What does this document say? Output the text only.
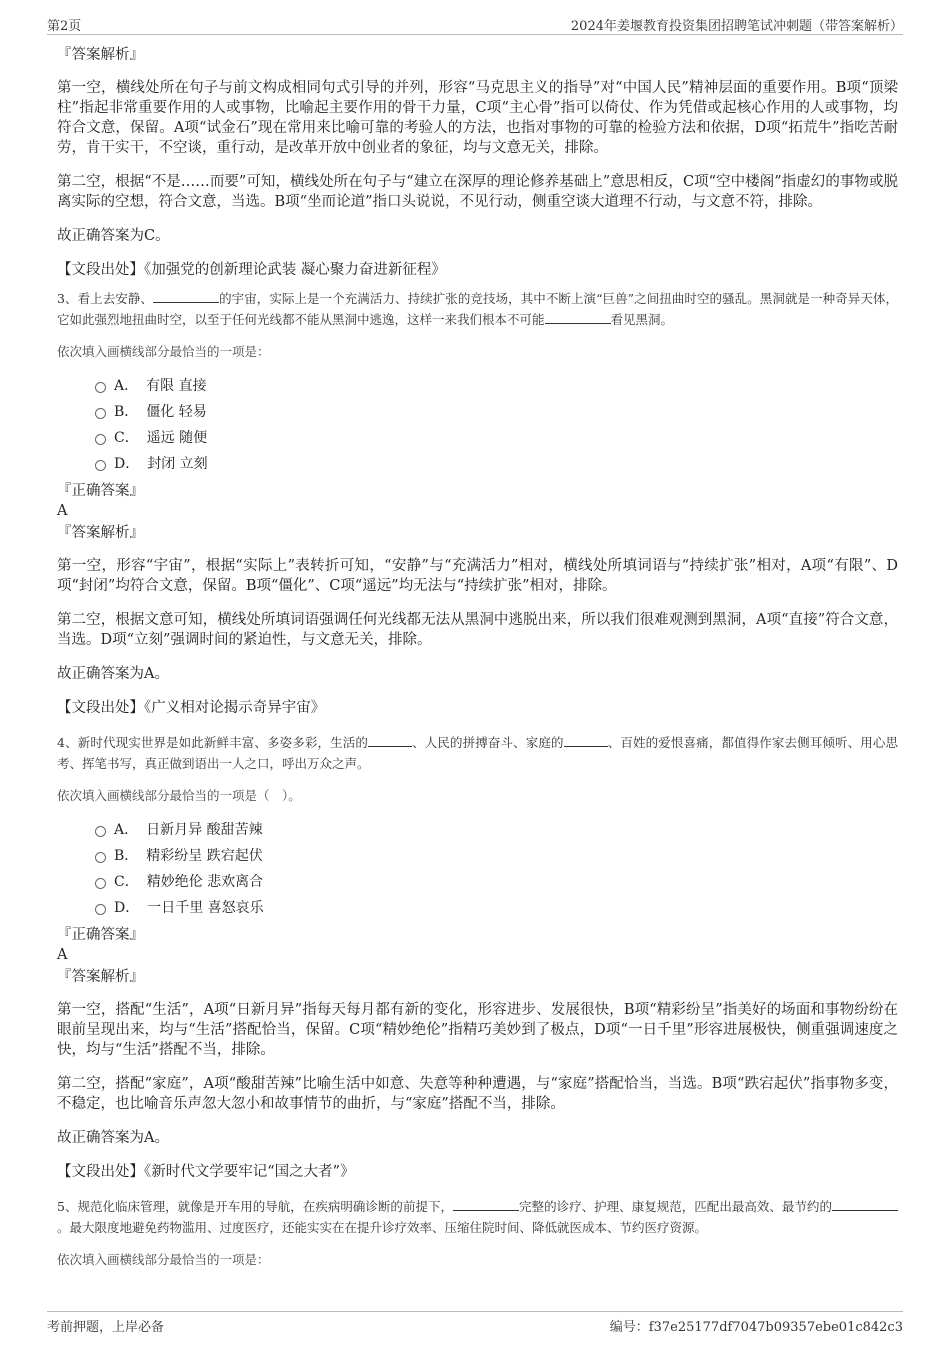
第2页	2024年姜堰教育投资集团招聘笔试冲刺题（带答案解析）
『答案解析』

第一空，横线处所在句子与前文构成相同句式引导的并列，形容“马克思主义的指导”对“中国人民”精神层面的重要作用。B项“顶梁柱”指起非常重要作用的人或事物，比喻起主要作用的骨干力量，C项“主心骨”指可以倚仗、作为凭借或起核心作用的人或事物，均符合文意，保留。A项“试金石”现在常用来比喻可靠的考验人的方法，也指对事物的可靠的检验方法和依据，D项“拓荒牛”指吃苦耐劳，肯干实干，不空谈，重行动，是改革开放中创业者的象征，均与文意无关，排除。

第二空，根据“不是……而要”可知，横线处所在句子与“建立在深厚的理论修养基础上”意思相反，C项“空中楼阁”指虚幻的事物或脱离实际的空想，符合文意，当选。B项“坐而论道”指口头说说，不见行动，侧重空谈大道理不行动，与文意不符，排除。

故正确答案为C。

【文段出处】《加强党的创新理论武装 凝心聚力奋进新征程》

3、看上去安静、	的宇宙，实际上是一个充满活力、持续扩张的竞技场，其中不断上演“巨兽”之间扭曲时空的骚乱。黑洞就是一种奇异天体，它如此强烈地扭曲时空，以至于任何光线都不能从黑洞中逃逸，这样一来我们根本不可能	看见黑洞。

依次填入画横线部分最恰当的一项是：

A． 有限 直接
B． 僵化 轻易
C． 遥远 随便
D． 封闭 立刻
『正确答案』
A
『答案解析』

第一空，形容“宇宙”，根据“实际上”表转折可知，“安静”与“充满活力”相对，横线处所填词语与“持续扩张”相对，A项“有限”、D项“封闭”均符合文意，保留。B项“僵化”、C项“遥远”均无法与“持续扩张”相对，排除。

第二空，根据文意可知，横线处所填词语强调任何光线都无法从黑洞中逃脱出来，所以我们很难观测到黑洞，A项“直接”符合文意，当选。D项“立刻”强调时间的紧迫性，与文意无关，排除。

故正确答案为A。

【文段出处】《广义相对论揭示奇异宇宙》

4、新时代现实世界是如此新鲜丰富、多姿多彩，生活的	、人民的拼搏奋斗、家庭的	、百姓的爱恨喜痛，都值得作家去侧耳倾听、用心思考、挥笔书写，真正做到语出一人之口，呼出万众之声。

依次填入画横线部分最恰当的一项是（　）。

A． 日新月异 酸甜苦辣
B． 精彩纷呈 跌宕起伏
C． 精妙绝伦 悲欢离合
D． 一日千里 喜怒哀乐
『正确答案』
A
『答案解析』

第一空，搭配“生活”，A项“日新月异”指每天每月都有新的变化，形容进步、发展很快，B项“精彩纷呈”指美好的场面和事物纷纷在眼前呈现出来，均与“生活”搭配恰当，保留。C项“精妙绝伦”指精巧美妙到了极点，D项“一日千里”形容进展极快，侧重强调速度之快，均与“生活”搭配不当，排除。

第二空，搭配“家庭”，A项“酸甜苦辣”比喻生活中如意、失意等种种遭遇，与“家庭”搭配恰当，当选。B项“跌宕起伏”指事物多变，不稳定，也比喻音乐声忽大忽小和故事情节的曲折，与“家庭”搭配不当，排除。

故正确答案为A。

【文段出处】《新时代文学要牢记“国之大者”》

5、规范化临床管理，就像是开车用的导航，在疾病明确诊断的前提下，	完整的诊疗、护理、康复规范，匹配出最高效、最节约的。最大限度地避免药物滥用、过度医疗，还能实实在在提升诊疗效率、压缩住院时间、降低就医成本、节约医疗资源。

依次填入画横线部分最恰当的一项是：

考前押题，上岸必备	编号：f37e25177df7047b09357ebe01c842c3
